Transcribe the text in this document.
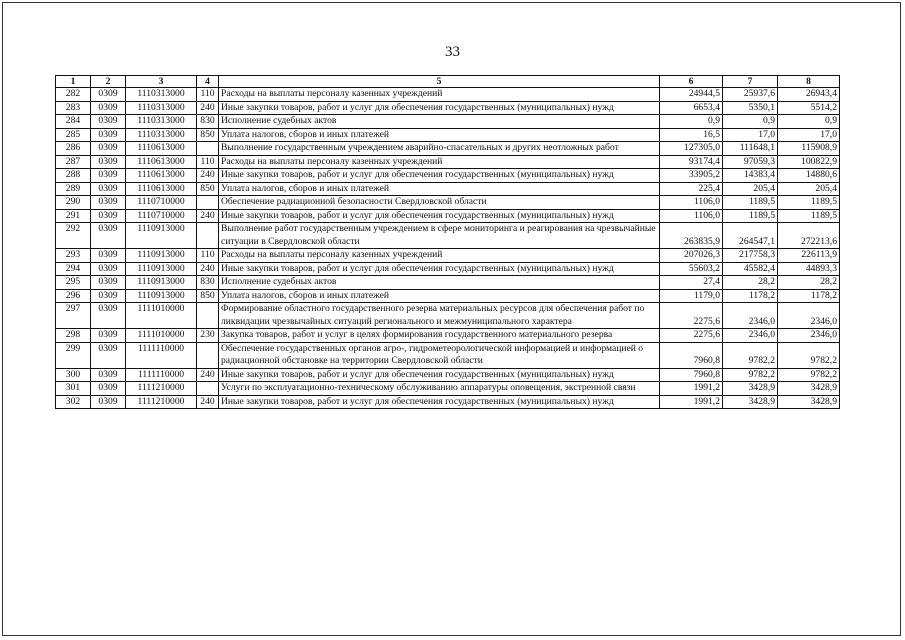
33
1	2	3	4	5	6	7	8
282	0309	1110313000	110	Расходы на выплаты персоналу казенных учреждений	24944,5	25937,6	26943,4
283	0309	1110313000	240	Иные закупки товаров, работ и услуг для обеспечения государственных (муниципальных) нужд	6653,4	5350,1	5514,2
284	0309	1110313000	830	Исполнение судебных актов	0,9	0,9	0,9
285	0309	1110313000	850	Уплата налогов, сборов и иных платежей	16,5	17,0	17,0
286	0309	1110613000		Выполнение государственным учреждением аварийно-спасательных и других неотложных работ	127305,0	111648,1	115908,9
287	0309	1110613000	110	Расходы на выплаты персоналу казенных учреждений	93174,4	97059,3	100822,9
288	0309	1110613000	240	Иные закупки товаров, работ и услуг для обеспечения государственных (муниципальных) нужд	33905,2	14383,4	14880,6
289	0309	1110613000	850	Уплата налогов, сборов и иных платежей	225,4	205,4	205,4
290	0309	1110710000		Обеспечение радиационной безопасности Свердловской области	1106,0	1189,5	1189,5
291	0309	1110710000	240	Иные закупки товаров, работ и услуг для обеспечения государственных (муниципальных) нужд	1106,0	1189,5	1189,5
292	0309	1110913000		Выполнение работ государственным учреждением в сфере мониторинга и реагирования на чрезвычайные ситуации в Свердловской области	263835,9	264547,1	272213,6
293	0309	1110913000	110	Расходы на выплаты персоналу казенных учреждений	207026,3	217758,3	226113,9
294	0309	1110913000	240	Иные закупки товаров, работ и услуг для обеспечения государственных (муниципальных) нужд	55603,2	45582,4	44893,3
295	0309	1110913000	830	Исполнение судебных актов	27,4	28,2	28,2
296	0309	1110913000	850	Уплата налогов, сборов и иных платежей	1179,0	1178,2	1178,2
297	0309	1111010000		Формирование областного государственного резерва материальных ресурсов для обеспечения работ по ликвидации чрезвычайных ситуаций регионального и межмуниципального характера	2275,6	2346,0	2346,0
298	0309	1111010000	230	Закупка товаров, работ и услуг в целях формирования государственного материального резерва	2275,6	2346,0	2346,0
299	0309	1111110000		Обеспечение государственных органов агро-, гидрометеорологической информацией и информацией о радиационной обстановке на территории Свердловской области	7960,8	9782,2	9782,2
300	0309	1111110000	240	Иные закупки товаров, работ и услуг для обеспечения государственных (муниципальных) нужд	7960,8	9782,2	9782,2
301	0309	1111210000		Услуги по эксплуатационно-техническому обслуживанию аппаратуры оповещения, экстренной связи	1991,2	3428,9	3428,9
302	0309	1111210000	240	Иные закупки товаров, работ и услуг для обеспечения государственных (муниципальных) нужд	1991,2	3428,9	3428,9
